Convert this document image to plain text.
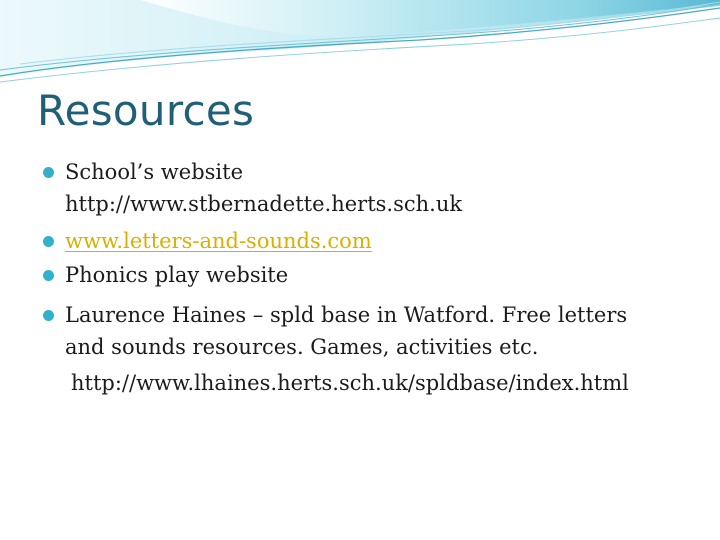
Resources
School’s website
http://www.stbernadette.herts.sch.uk
www.letters-and-sounds.com
Phonics play website
Laurence Haines – spld base in Watford. Free letters
and sounds resources. Games, activities etc.
http://www.lhaines.herts.sch.uk/spldbase/index.html
